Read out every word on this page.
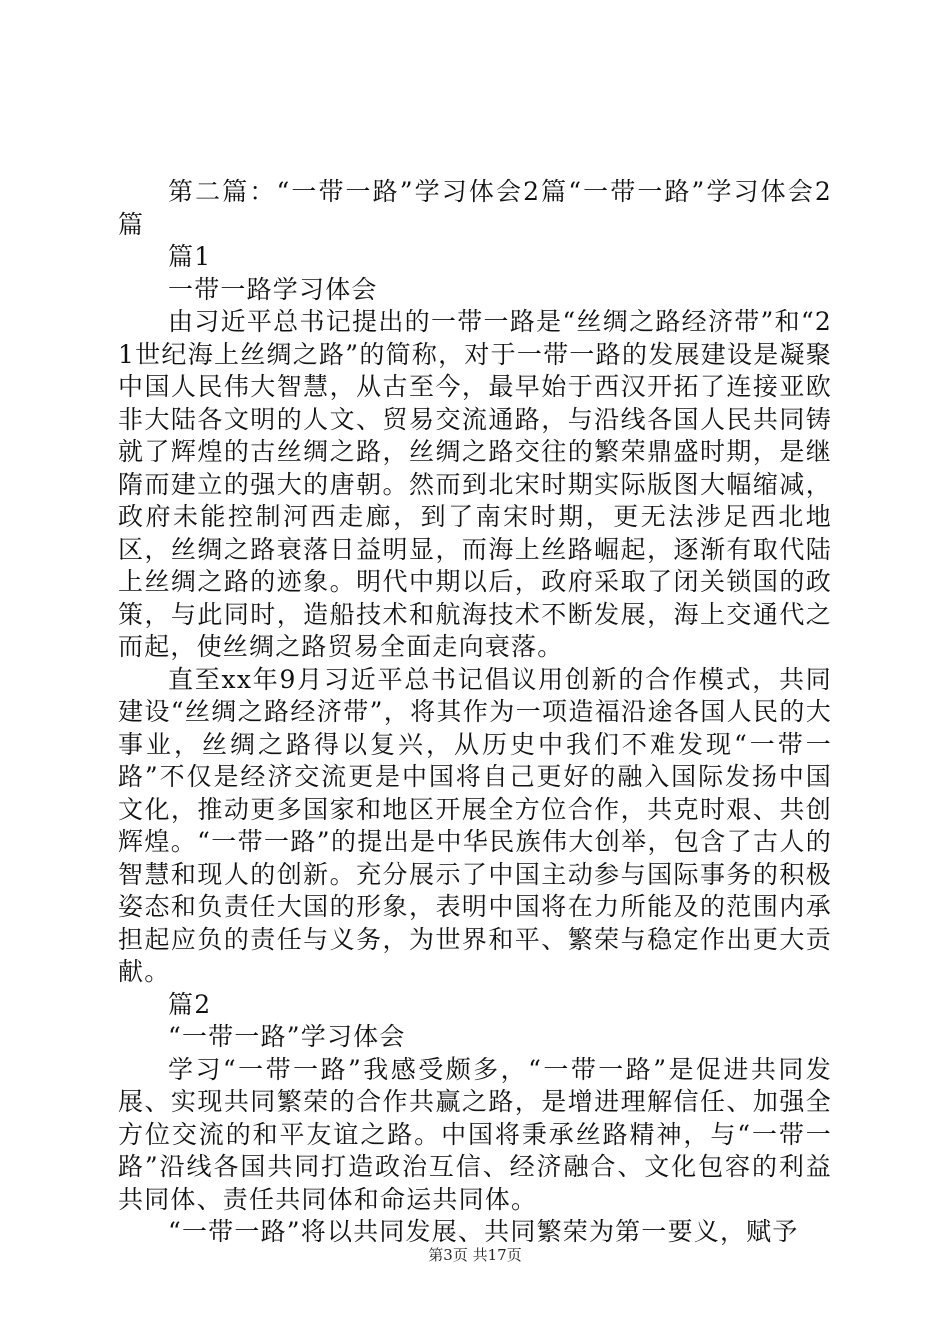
第二篇：“一带一路”学习体会2篇“一带一路”学习体会2篇

篇1

一带一路学习体会

由习近平总书记提出的一带一路是“丝绸之路经济带”和“21世纪海上丝绸之路”的简称，对于一带一路的发展建设是凝聚中国人民伟大智慧，从古至今，最早始于西汉开拓了连接亚欧非大陆各文明的人文、贸易交流通路，与沿线各国人民共同铸就了辉煌的古丝绸之路，丝绸之路交往的繁荣鼎盛时期，是继隋而建立的强大的唐朝。然而到北宋时期实际版图大幅缩减，政府未能控制河西走廊，到了南宋时期，更无法涉足西北地区，丝绸之路衰落日益明显，而海上丝路崛起，逐渐有取代陆上丝绸之路的迹象。明代中期以后，政府采取了闭关锁国的政策，与此同时，造船技术和航海技术不断发展，海上交通代之而起，使丝绸之路贸易全面走向衰落。

直至xx年9月习近平总书记倡议用创新的合作模式，共同建设“丝绸之路经济带”，将其作为一项造福沿途各国人民的大事业，丝绸之路得以复兴，从历史中我们不难发现“一带一路”不仅是经济交流更是中国将自己更好的融入国际发扬中国文化，推动更多国家和地区开展全方位合作，共克时艰、共创辉煌。“一带一路”的提出是中华民族伟大创举，包含了古人的智慧和现人的创新。充分展示了中国主动参与国际事务的积极姿态和负责任大国的形象，表明中国将在力所能及的范围内承担起应负的责任与义务，为世界和平、繁荣与稳定作出更大贡献。

篇2

“一带一路”学习体会

学习“一带一路”我感受颇多，“一带一路”是促进共同发展、实现共同繁荣的合作共赢之路，是增进理解信任、加强全方位交流的和平友谊之路。中国将秉承丝路精神，与“一带一路”沿线各国共同打造政治互信、经济融合、文化包容的利益共同体、责任共同体和命运共同体。

“一带一路”将以共同发展、共同繁荣为第一要义，赋予

第3页 共17页
